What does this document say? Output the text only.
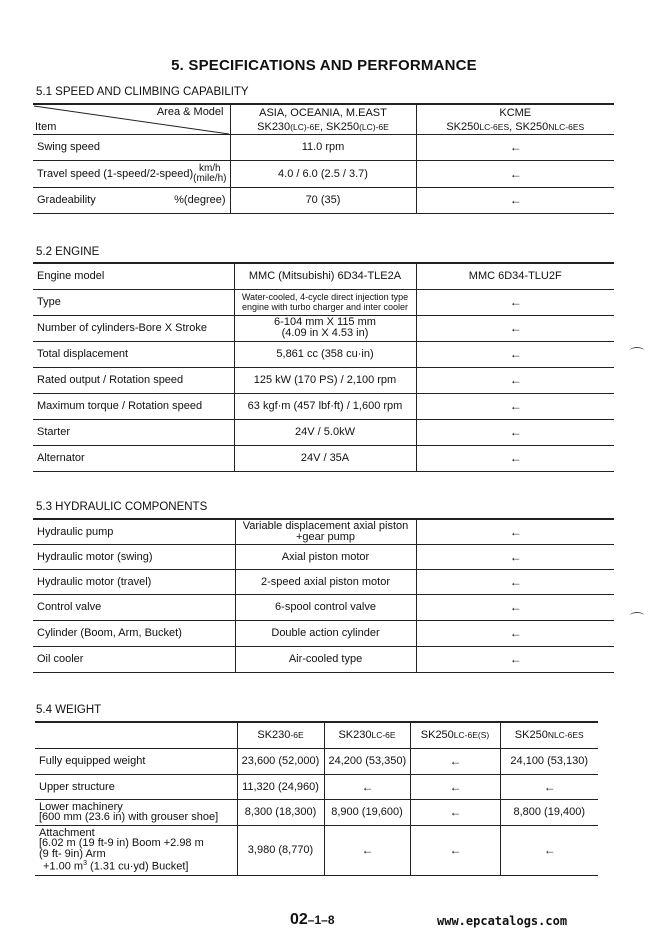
5. SPECIFICATIONS AND PERFORMANCE
5.1 SPEED AND CLIMBING CAPABILITY
Area & Model
Item	ASIA, OCEANIA, M.EAST	KCME
	SK230(LC)-6E, SK250(LC)-6E	SK250LC-6ES, SK250NLC-6ES
Swing speed	11.0 rpm	←
Travel speed (1-speed/2-speed) km/h
(mile/h)	4.0 / 6.0 (2.5 / 3.7)	←
Gradeability %(degree)	70 (35)	←
5.2 ENGINE
Engine model	MMC (Mitsubishi) 6D34-TLE2A	MMC 6D34-TLU2F
Type	Water-cooled, 4-cycle direct injection type
engine with turbo charger and inter cooler	←
Number of cylinders-Bore X Stroke	6-104 mm X 115 mm
(4.09 in X 4.53 in)	←
Total displacement	5,861 cc (358 cu·in)	←
Rated output / Rotation speed	125 kW (170 PS) / 2,100 rpm	←
Maximum torque / Rotation speed	63 kgf·m (457 lbf·ft) / 1,600 rpm	←
Starter	24V / 5.0kW	←
Alternator	24V / 35A	←
5.3 HYDRAULIC COMPONENTS
Hydraulic pump	Variable displacement axial piston
+gear pump	←
Hydraulic motor (swing)	Axial piston motor	←
Hydraulic motor (travel)	2-speed axial piston motor	←
Control valve	6-spool control valve	←
Cylinder (Boom, Arm, Bucket)	Double action cylinder	←
Oil cooler	Air-cooled type	←
5.4 WEIGHT
	SK230-6E	SK230LC-6E	SK250LC-6E(S)	SK250NLC-6ES
Fully equipped weight	23,600 (52,000)	24,200 (53,350)	←	24,100 (53,130)
Upper structure	11,320 (24,960)	←	←	←

Lower machinery
[600 mm (23.6 in) with grouser shoe]	8,300 (18,300)	8,900 (19,600)	←	8,800 (19,400)

Attachment
[6.02 m (19 ft-9 in) Boom +2.98 m
(9 ft- 9in) Arm
+1.00 $m^3$ (1.31 cu·yd) Bucket]	3,980 (8,770)	←	←	←
02–1–8	www.epcatalogs.com
